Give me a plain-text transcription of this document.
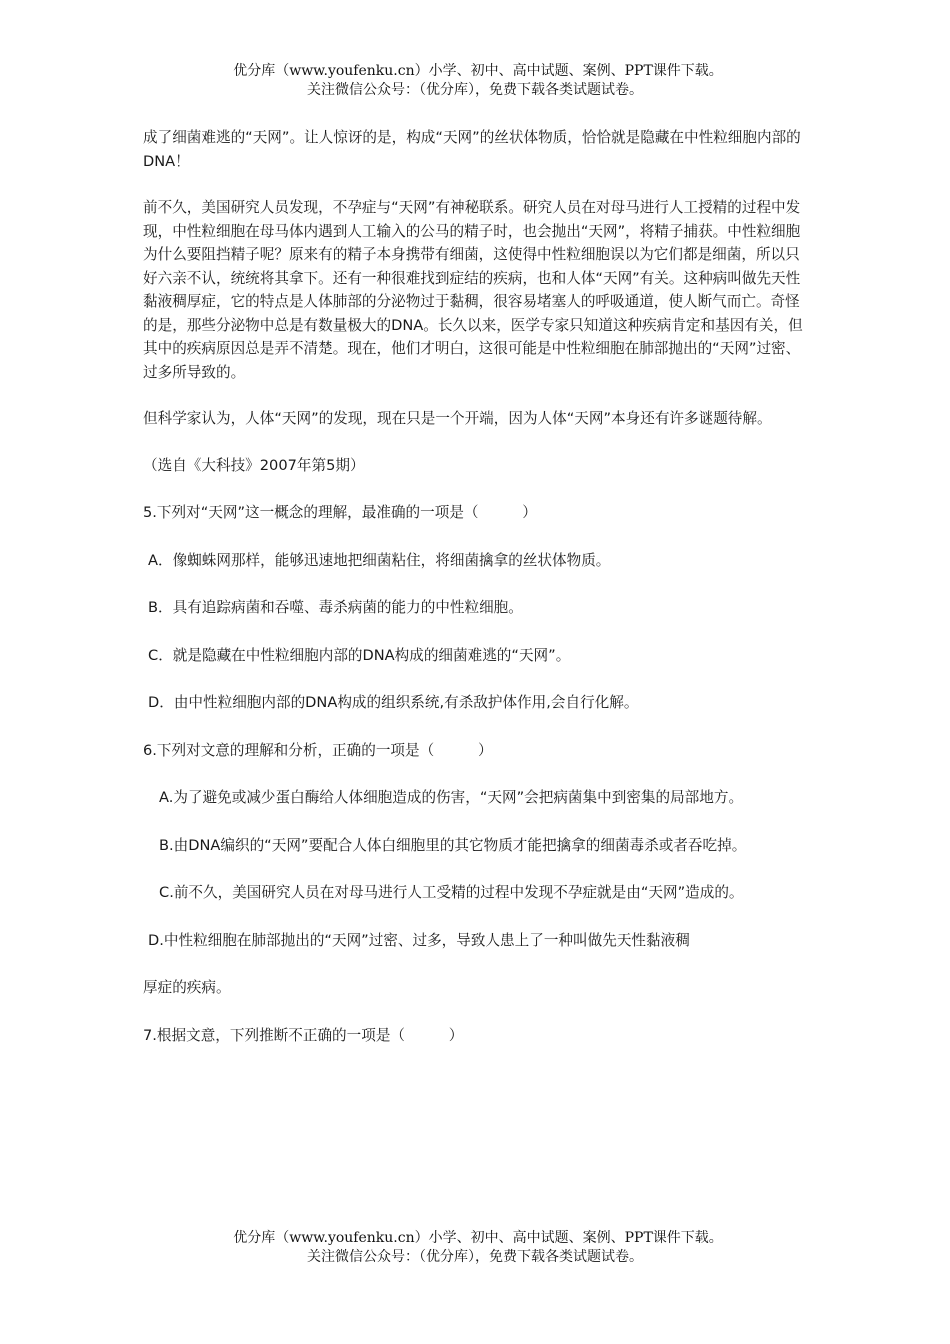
优分库（www.youfenku.cn）小学、初中、高中试题、案例、PPT课件下载。
关注微信公众号：（优分库），免费下载各类试题试卷。

成了细菌难逃的“天网”。让人惊讶的是，构成“天网”的丝状体物质，恰恰就是隐藏在中性粒细胞内部的DNA！

前不久，美国研究人员发现，不孕症与“天网”有神秘联系。研究人员在对母马进行人工授精的过程中发现，中性粒细胞在母马体内遇到人工输入的公马的精子时，也会抛出“天网”，将精子捕获。中性粒细胞为什么要阻挡精子呢？原来有的精子本身携带有细菌，这使得中性粒细胞误以为它们都是细菌，所以只好六亲不认，统统将其拿下。还有一种很难找到症结的疾病，也和人体“天网”有关。这种病叫做先天性黏液稠厚症，它的特点是人体肺部的分泌物过于黏稠，很容易堵塞人的呼吸通道，使人断气而亡。奇怪的是，那些分泌物中总是有数量极大的DNA。长久以来，医学专家只知道这种疾病肯定和基因有关，但其中的疾病原因总是弄不清楚。现在，他们才明白，这很可能是中性粒细胞在肺部抛出的“天网”过密、过多所导致的。

但科学家认为，人体“天网”的发现，现在只是一个开端，因为人体“天网”本身还有许多谜题待解。

（选自《大科技》2007年第5期）

5.下列对“天网”这一概念的理解，最准确的一项是（　　　）

A．像蜘蛛网那样，能够迅速地把细菌粘住，将细菌擒拿的丝状体物质。

B．具有追踪病菌和吞噬、毒杀病菌的能力的中性粒细胞。

C．就是隐藏在中性粒细胞内部的DNA构成的细菌难逃的“天网”。

D．由中性粒细胞内部的DNA构成的组织系统,有杀敌护体作用,会自行化解。

6.下列对文意的理解和分析，正确的一项是（　　　）

A.为了避免或减少蛋白酶给人体细胞造成的伤害，“天网”会把病菌集中到密集的局部地方。

B.由DNA编织的“天网”要配合人体白细胞里的其它物质才能把擒拿的细菌毒杀或者吞吃掉。

C.前不久，美国研究人员在对母马进行人工受精的过程中发现不孕症就是由“天网”造成的。

D.中性粒细胞在肺部抛出的“天网”过密、过多，导致人患上了一种叫做先天性黏液稠

厚症的疾病。

7.根据文意，下列推断不正确的一项是（　　　）

优分库（www.youfenku.cn）小学、初中、高中试题、案例、PPT课件下载。
关注微信公众号：（优分库），免费下载各类试题试卷。
